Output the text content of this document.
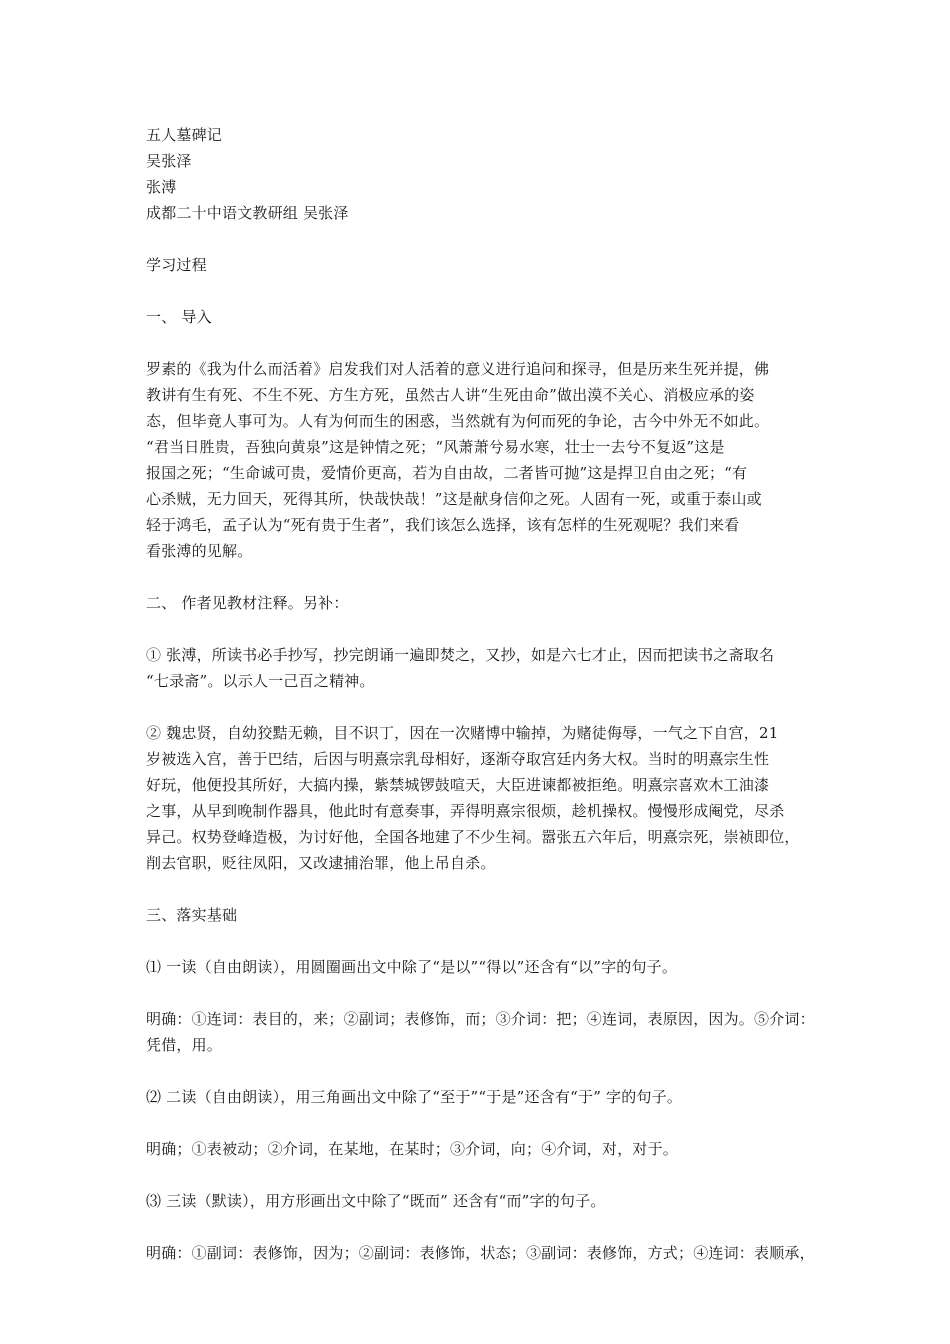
五人墓碑记
吴张泽
张溥
成都二十中语文教研组 吴张泽
学习过程
一、 导入
罗素的《我为什么而活着》启发我们对人活着的意义进行追问和探寻，但是历来生死并提，佛
教讲有生有死、不生不死、方生方死，虽然古人讲“生死由命”做出漠不关心、消极应承的姿
态，但毕竟人事可为。人有为何而生的困惑，当然就有为何而死的争论，古今中外无不如此。
“君当日胜贵，吾独向黄泉”这是钟情之死；“风萧萧兮易水寒，壮士一去兮不复返”这是
报国之死；“生命诚可贵，爱情价更高，若为自由故，二者皆可抛”这是捍卫自由之死；“有
心杀贼，无力回天，死得其所，快哉快哉！”这是献身信仰之死。人固有一死，或重于泰山或
轻于鸿毛，孟子认为“死有贵于生者”，我们该怎么选择，该有怎样的生死观呢？我们来看
看张溥的见解。
二、 作者见教材注释。另补：
① 张溥，所读书必手抄写，抄完朗诵一遍即焚之，又抄，如是六七才止，因而把读书之斋取名
“七录斋”。以示人一己百之精神。
② 魏忠贤，自幼狡黠无赖，目不识丁，因在一次赌博中输掉，为赌徒侮辱，一气之下自宫，21
岁被选入宫，善于巴结，后因与明熹宗乳母相好，逐渐夺取宫廷内务大权。当时的明熹宗生性
好玩，他便投其所好，大搞内操，紫禁城锣鼓喧天，大臣进谏都被拒绝。明熹宗喜欢木工油漆
之事，从早到晚制作器具，他此时有意奏事，弄得明熹宗很烦，趁机操权。慢慢形成阉党，尽杀
异己。权势登峰造极，为讨好他，全国各地建了不少生祠。嚣张五六年后，明熹宗死，崇祯即位，
削去官职，贬往凤阳，又改逮捕治罪，他上吊自杀。
三、落实基础
⑴ 一读（自由朗读），用圆圈画出文中除了“是以”“得以”还含有“以”字的句子。
明确：①连词：表目的，来；②副词；表修饰，而；③介词：把；④连词，表原因，因为。⑤介词：
凭借，用。
⑵ 二读（自由朗读），用三角画出文中除了“至于”“于是”还含有“于” 字的句子。
明确；①表被动；②介词，在某地，在某时；③介词，向；④介词，对，对于。
⑶ 三读（默读），用方形画出文中除了“既而” 还含有“而”字的句子。
明确：①副词：表修饰，因为；②副词：表修饰，状态；③副词：表修饰，方式；④连词：表顺承，
